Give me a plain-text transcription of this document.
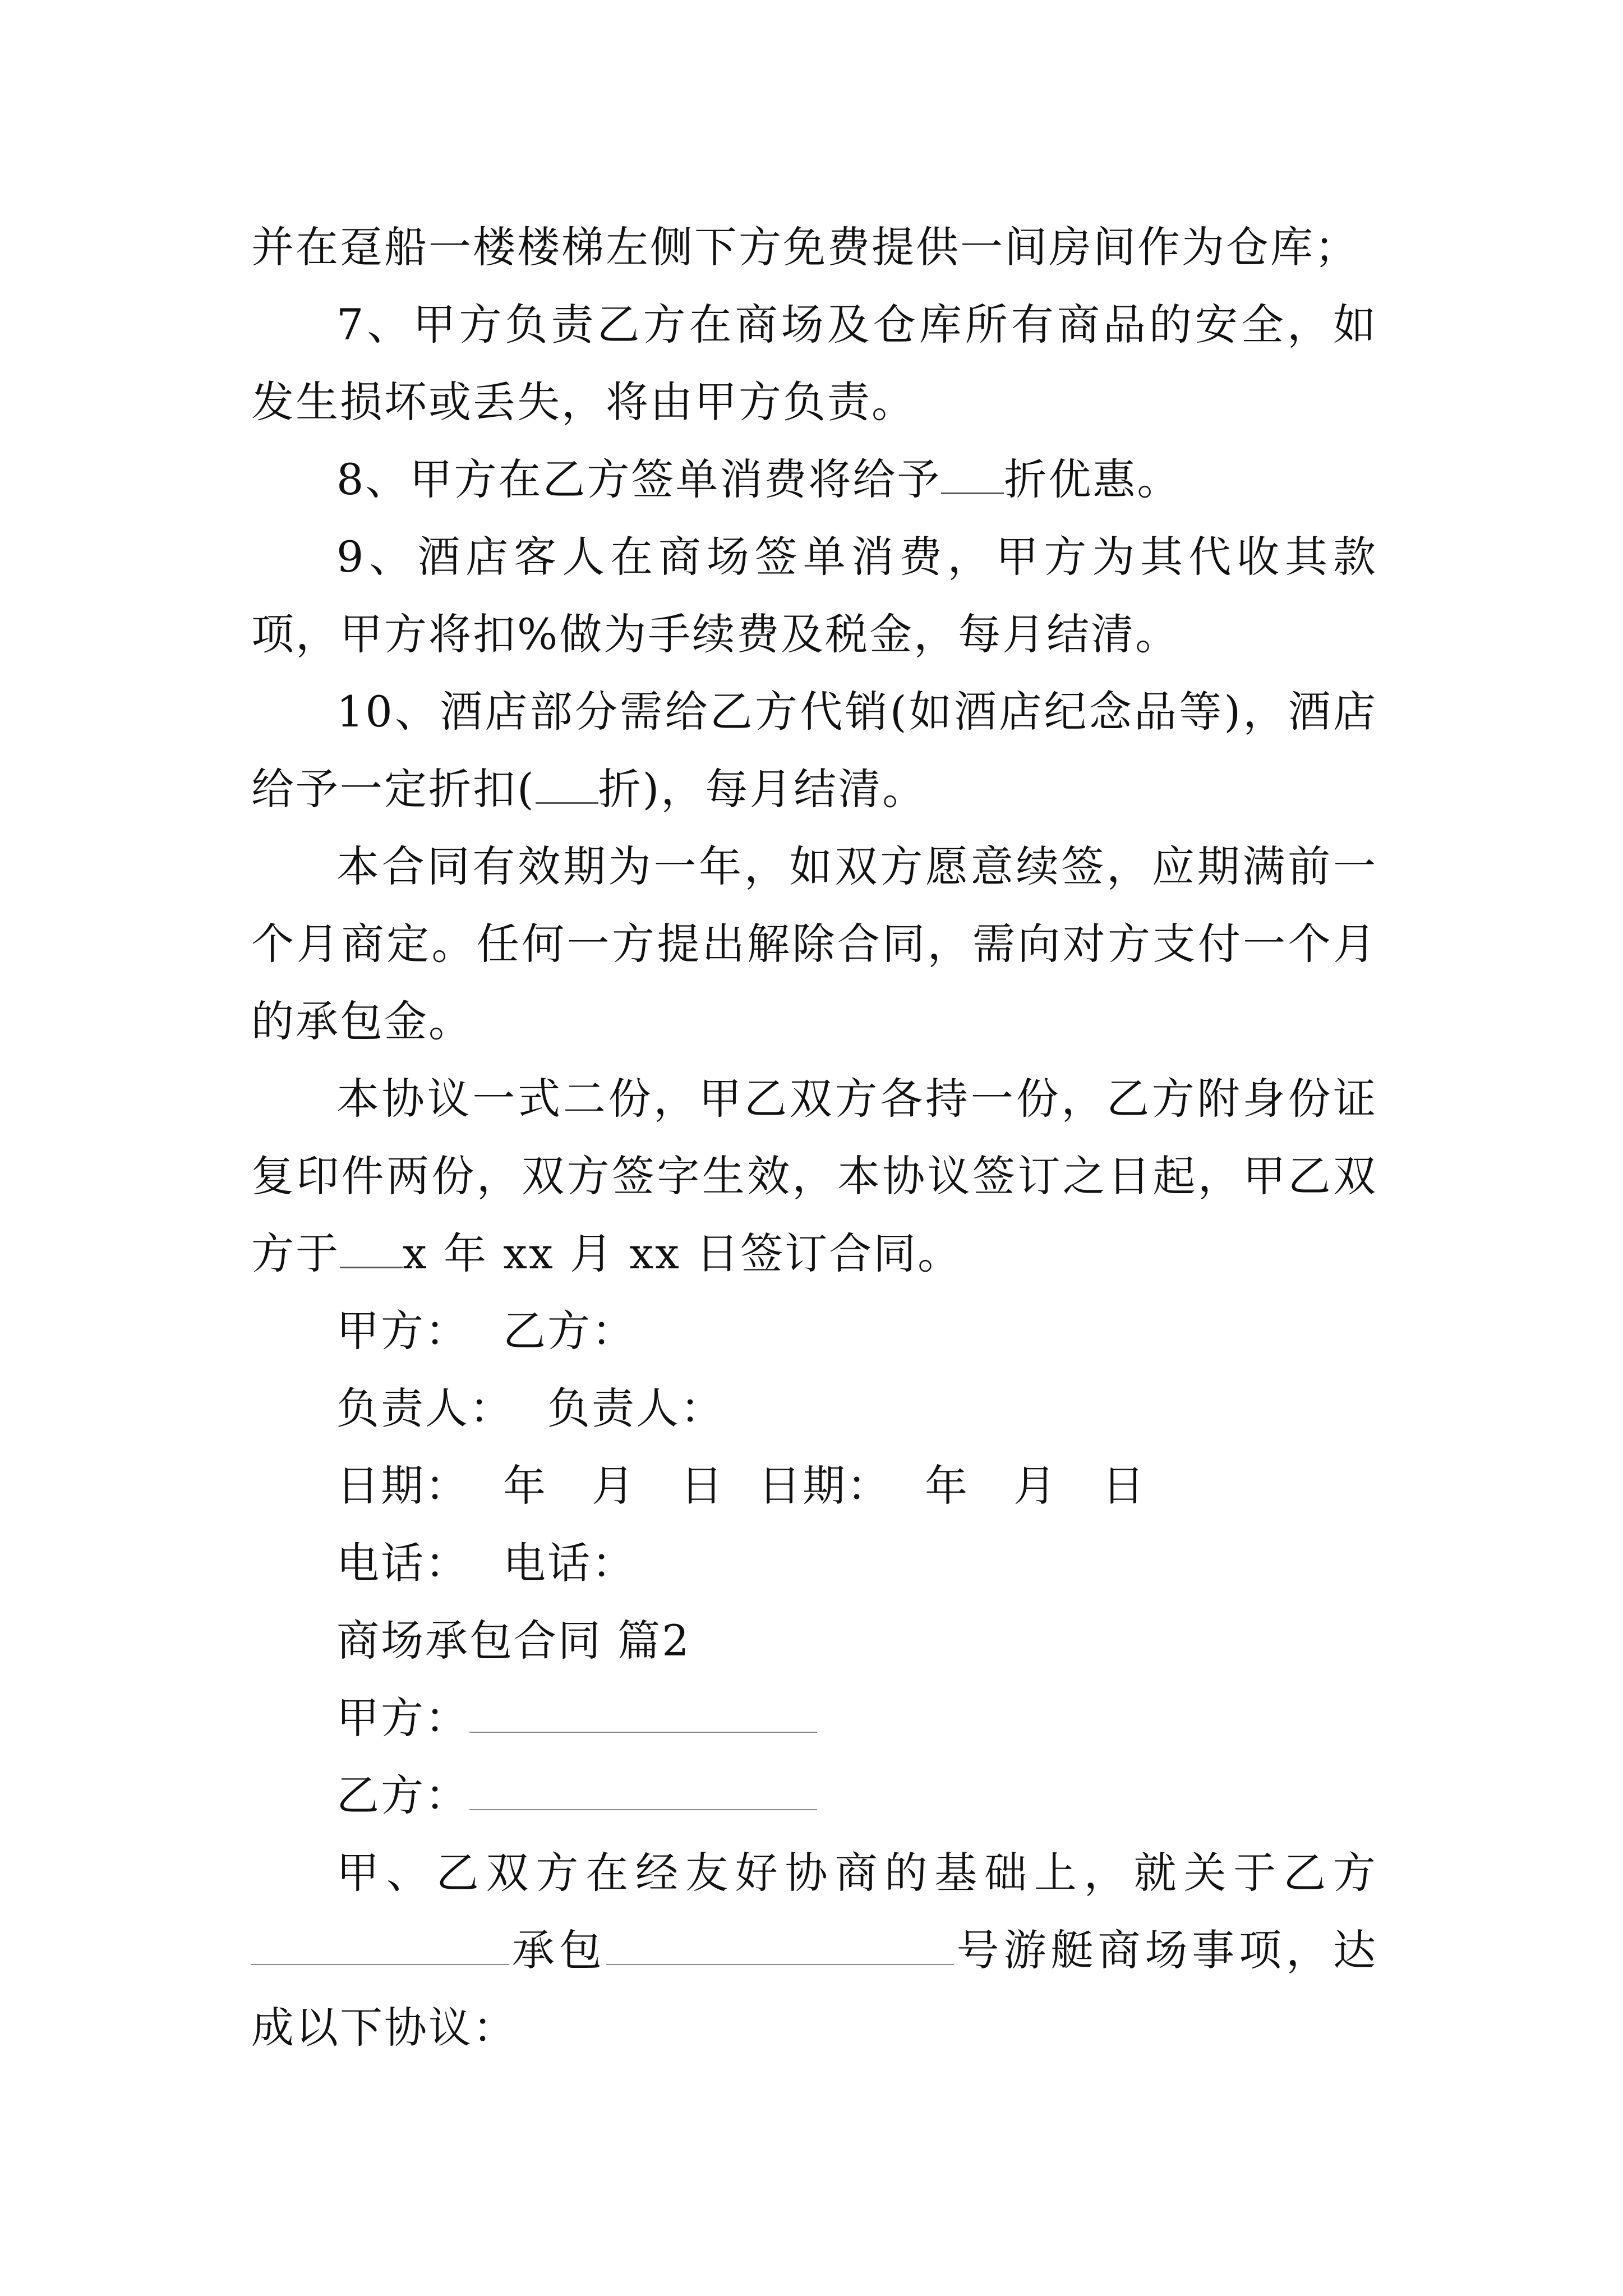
并在趸船一楼楼梯左侧下方免费提供一间房间作为仓库；

7、甲方负责乙方在商场及仓库所有商品的安全，如发生损坏或丢失，将由甲方负责。

8、甲方在乙方签单消费将给予 折优惠。

9、酒店客人在商场签单消费，甲方为其代收其款项，甲方将扣%做为手续费及税金，每月结清。

10、酒店部分需给乙方代销(如酒店纪念品等)，酒店给予一定折扣( 折)，每月结清。

本合同有效期为一年，如双方愿意续签，应期满前一个月商定。任何一方提出解除合同，需向对方支付一个月的承包金。

本协议一式二份，甲乙双方各持一份，乙方附身份证复印件两份，双方签字生效，本协议签订之日起，甲乙双方于 x 年 xx 月 xx 日签订合同。

甲方： 乙方：

负责人： 负责人：

日期： 年　月　日 日期： 年　月　日

电话： 电话：

商场承包合同 篇2

甲方：

乙方：

甲、乙双方在经友好协商的基础上，就关于乙方承包	号游艇商场事项，达成以下协议：
